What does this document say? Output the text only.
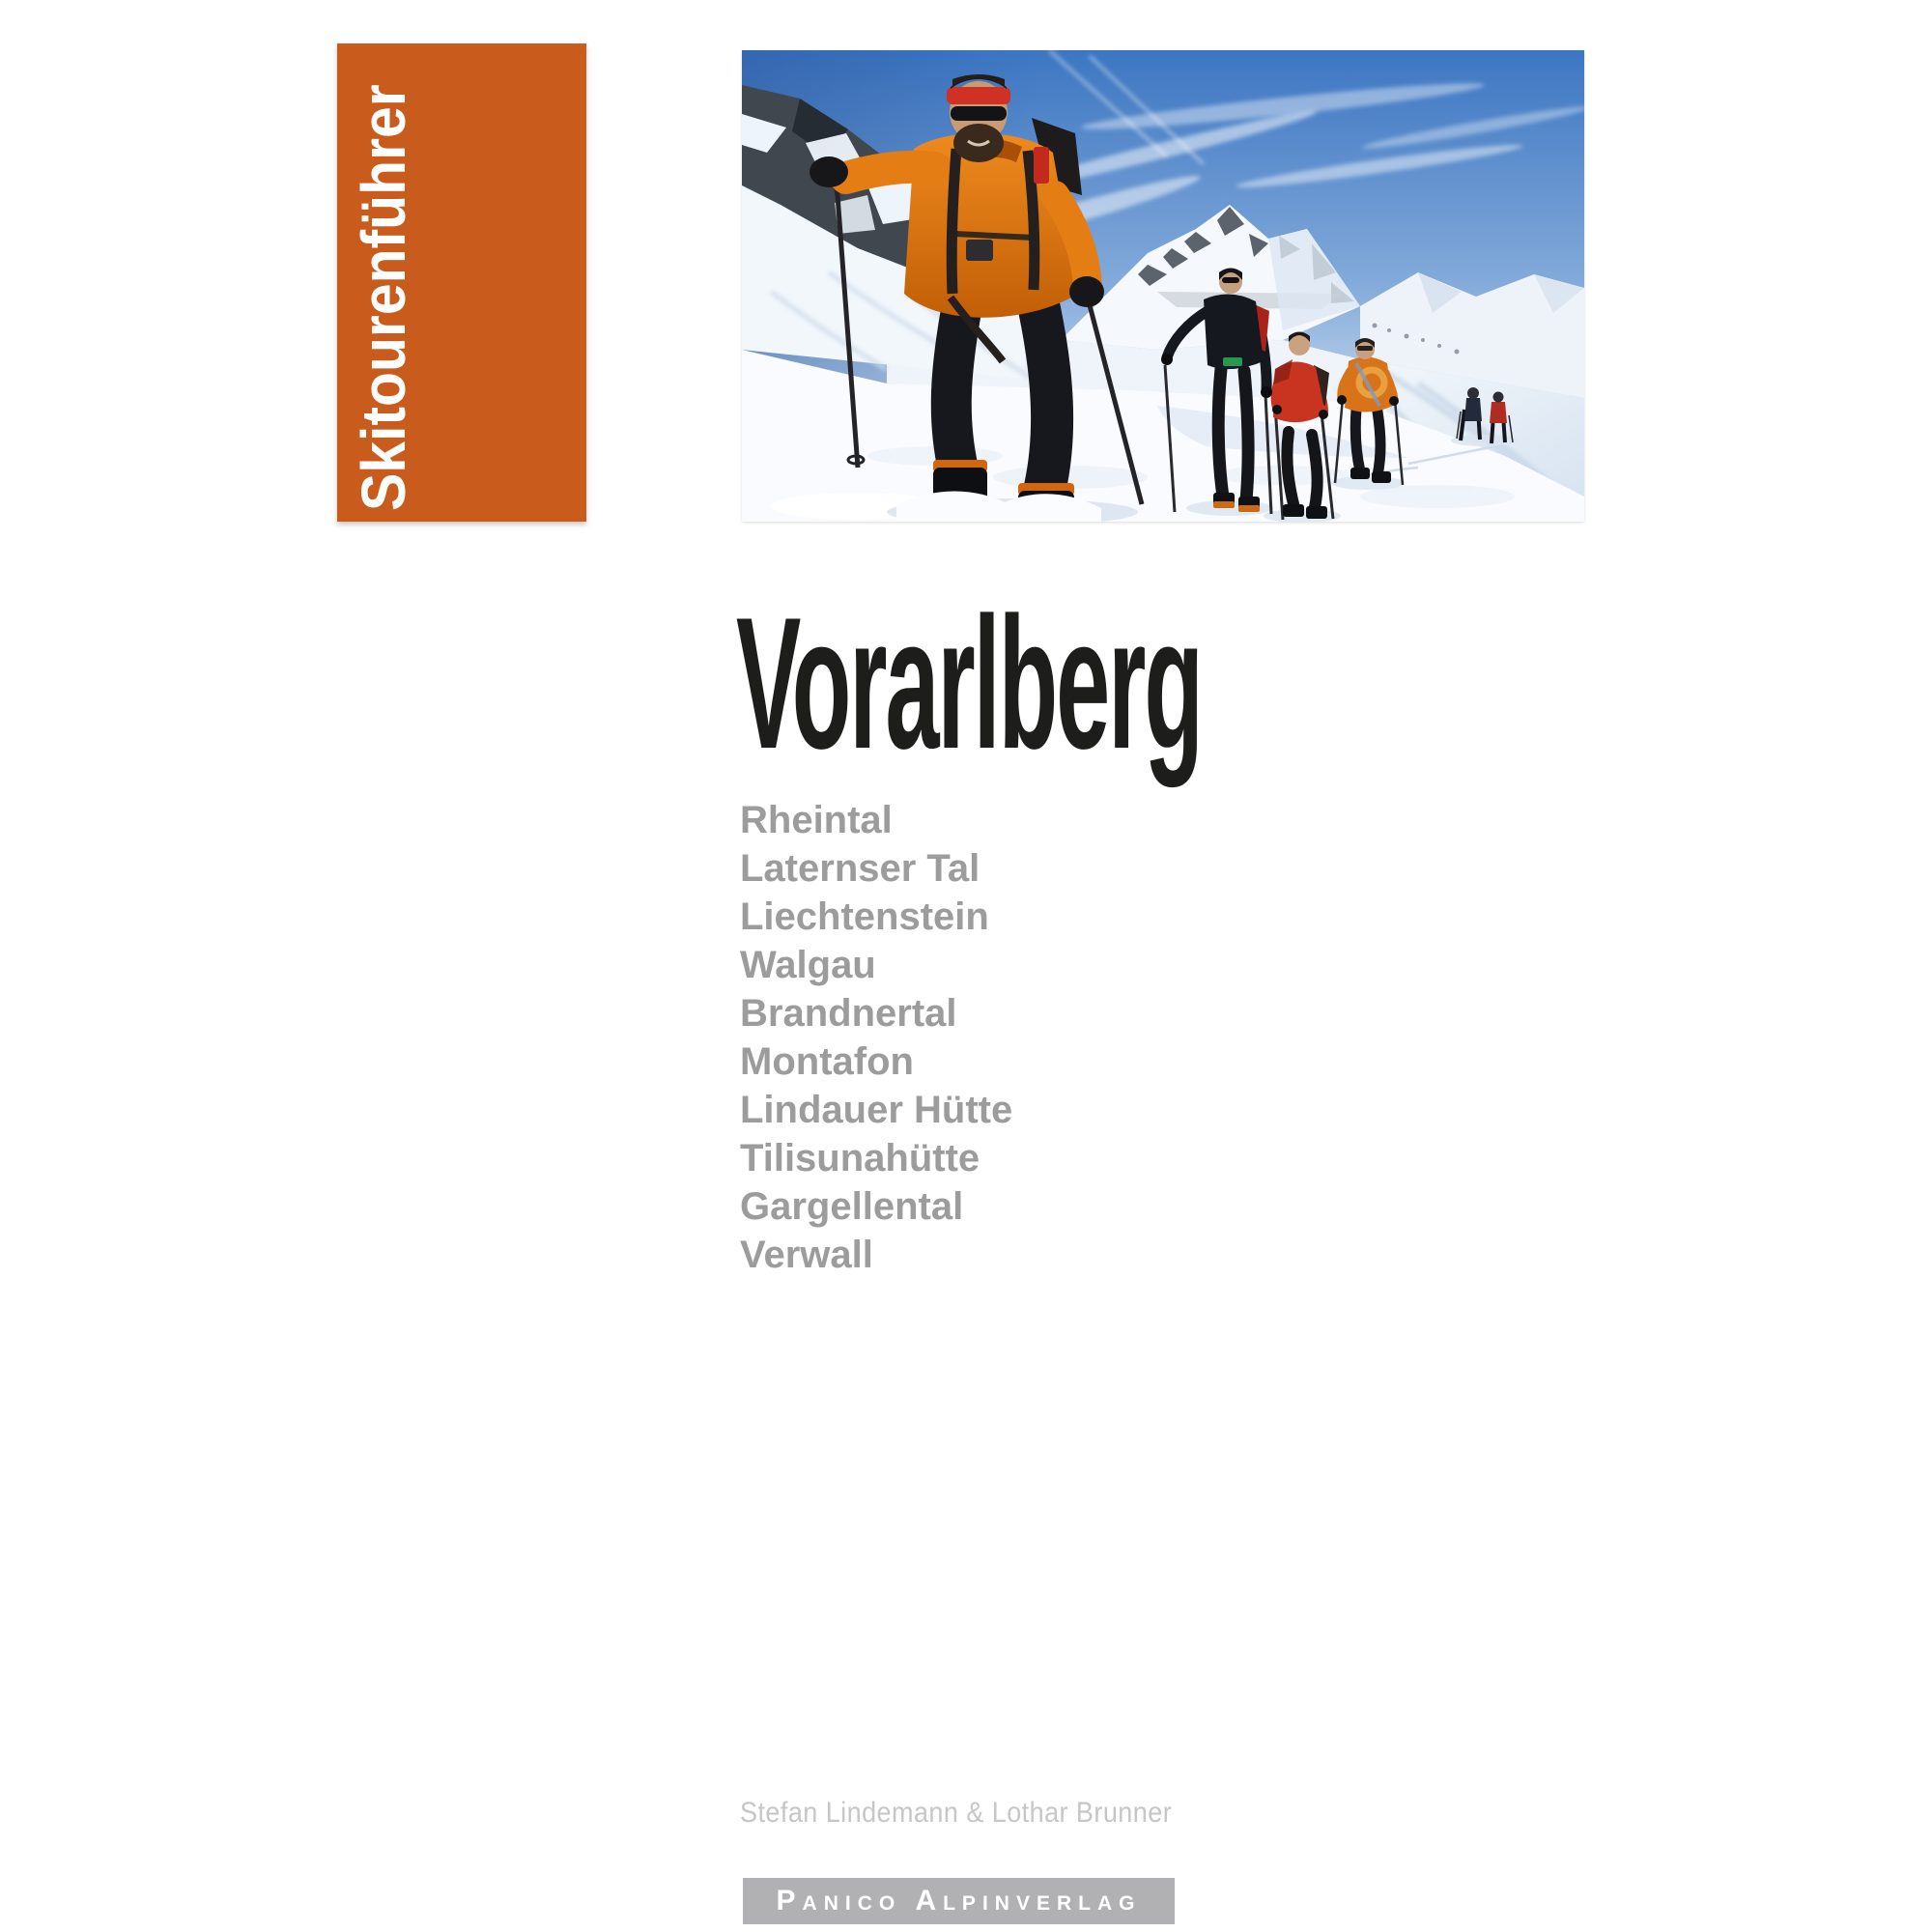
Skitourenführer
Vorarlberg
Rheintal
Laternser Tal
Liechtenstein
Walgau
Brandnertal
Montafon
Lindauer Hütte
Tilisunahütte
Gargellental
Verwall
Stefan Lindemann & Lothar Brunner
Panico Alpinverlag
